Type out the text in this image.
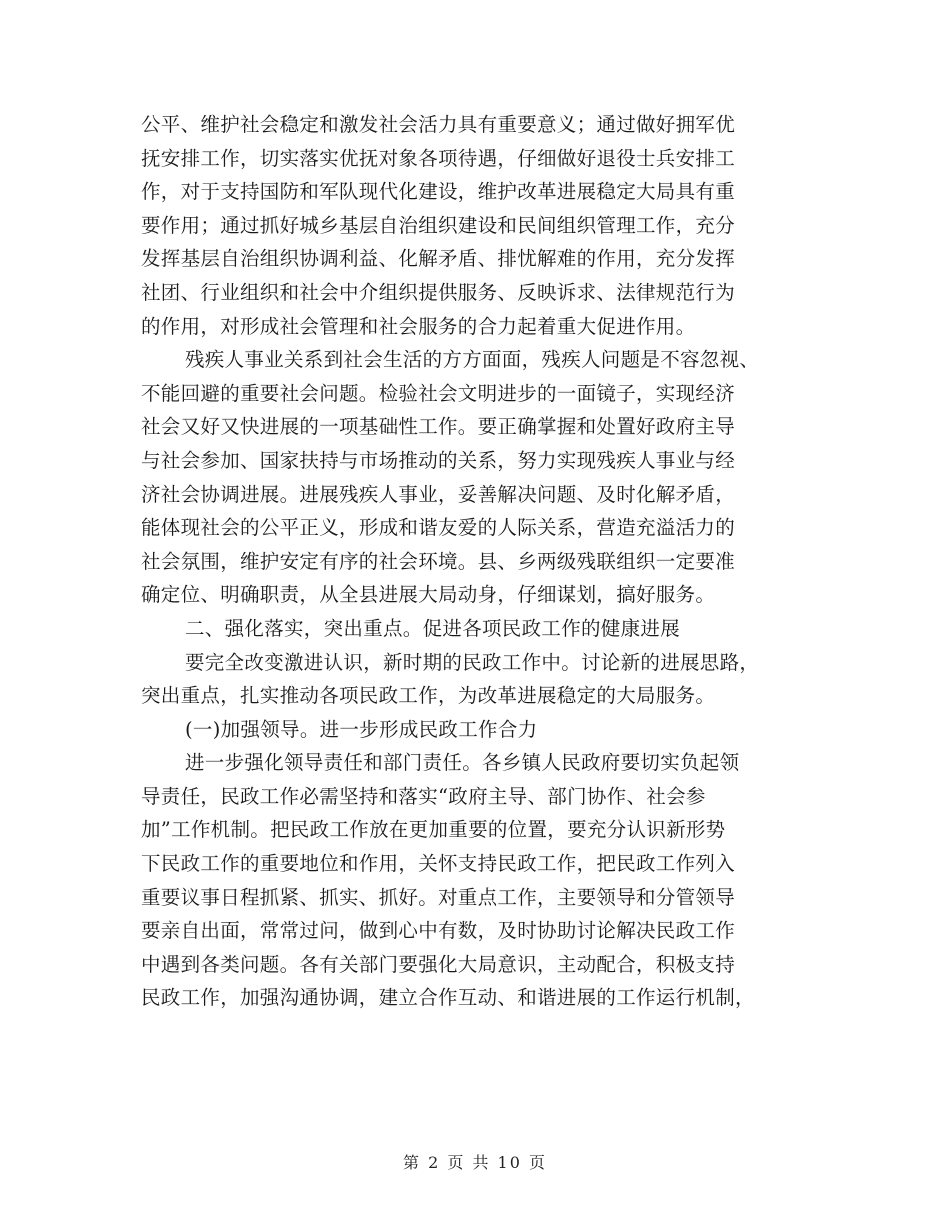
公平、维护社会稳定和激发社会活力具有重要意义；通过做好拥军优
抚安排工作，切实落实优抚对象各项待遇，仔细做好退役士兵安排工
作，对于支持国防和军队现代化建设，维护改革进展稳定大局具有重
要作用；通过抓好城乡基层自治组织建设和民间组织管理工作，充分
发挥基层自治组织协调利益、化解矛盾、排忧解难的作用，充分发挥
社团、行业组织和社会中介组织提供服务、反映诉求、法律规范行为
的作用，对形成社会管理和社会服务的合力起着重大促进作用。
残疾人事业关系到社会生活的方方面面，残疾人问题是不容忽视、
不能回避的重要社会问题。检验社会文明进步的一面镜子，实现经济
社会又好又快进展的一项基础性工作。要正确掌握和处置好政府主导
与社会参加、国家扶持与市场推动的关系，努力实现残疾人事业与经
济社会协调进展。进展残疾人事业，妥善解决问题、及时化解矛盾，
能体现社会的公平正义，形成和谐友爱的人际关系，营造充溢活力的
社会氛围，维护安定有序的社会环境。县、乡两级残联组织一定要准
确定位、明确职责，从全县进展大局动身，仔细谋划，搞好服务。
二、强化落实，突出重点。促进各项民政工作的健康进展
要完全改变激进认识，新时期的民政工作中。讨论新的进展思路，
突出重点，扎实推动各项民政工作，为改革进展稳定的大局服务。
(一)加强领导。进一步形成民政工作合力
进一步强化领导责任和部门责任。各乡镇人民政府要切实负起领
导责任，民政工作必需坚持和落实“政府主导、部门协作、社会参
加”工作机制。把民政工作放在更加重要的位置，要充分认识新形势
下民政工作的重要地位和作用，关怀支持民政工作，把民政工作列入
重要议事日程抓紧、抓实、抓好。对重点工作，主要领导和分管领导
要亲自出面，常常过问，做到心中有数，及时协助讨论解决民政工作
中遇到各类问题。各有关部门要强化大局意识，主动配合，积极支持
民政工作，加强沟通协调，建立合作互动、和谐进展的工作运行机制，
第 2 页 共 10 页
